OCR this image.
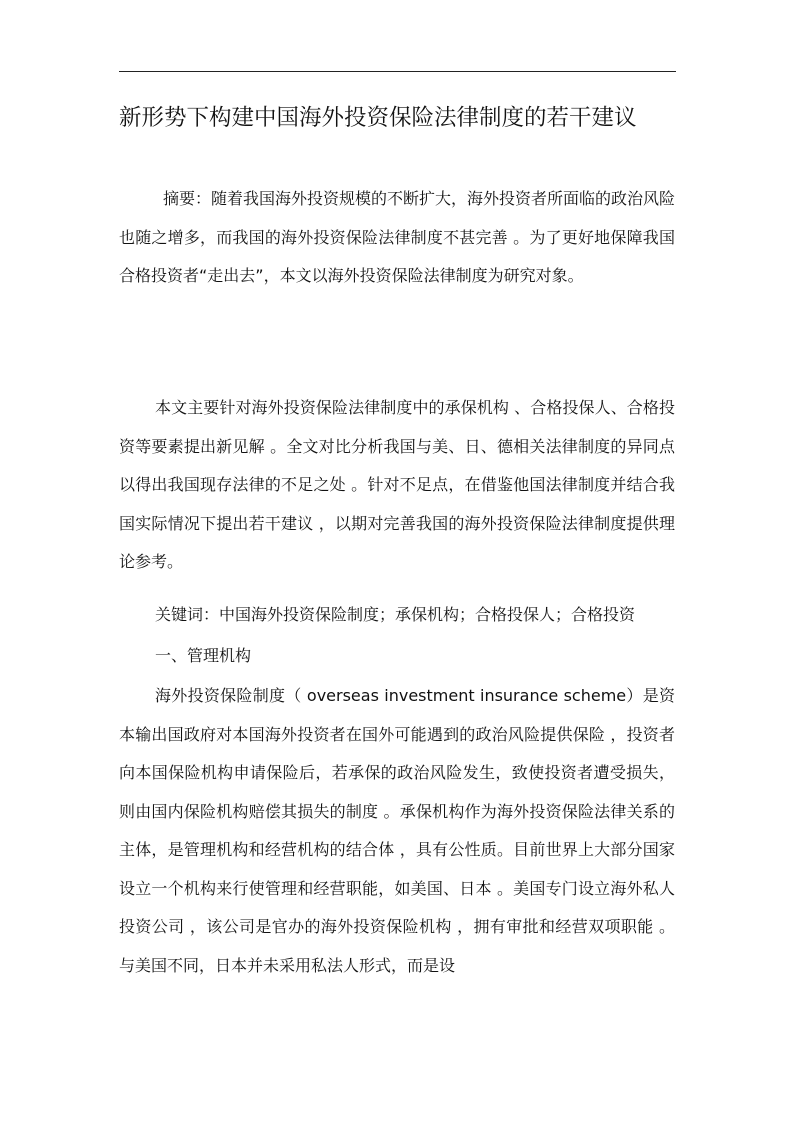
新形势下构建中国海外投资保险法律制度的若干建议
摘要：随着我国海外投资规模的不断扩大，海外投资者所面临的政治风险也随之增多，而我国的海外投资保险法律制度不甚完善 。为了更好地保障我国合格投资者“走出去”，本文以海外投资保险法律制度为研究对象。
本文主要针对海外投资保险法律制度中的承保机构 、合格投保人、合格投资等要素提出新见解 。全文对比分析我国与美、日、德相关法律制度的异同点以得出我国现存法律的不足之处 。针对不足点，在借鉴他国法律制度并结合我国实际情况下提出若干建议 ，以期对完善我国的海外投资保险法律制度提供理论参考。
关键词：中国海外投资保险制度；承保机构；合格投保人；合格投资
一、管理机构
海外投资保险制度（ overseas investment insurance scheme）是资本输出国政府对本国海外投资者在国外可能遇到的政治风险提供保险 ，投资者向本国保险机构申请保险后，若承保的政治风险发生，致使投资者遭受损失，则由国内保险机构赔偿其损失的制度 。承保机构作为海外投资保险法律关系的主体，是管理机构和经营机构的结合体 ，具有公性质。目前世界上大部分国家设立一个机构来行使管理和经营职能，如美国、日本 。美国专门设立海外私人投资公司 ，该公司是官办的海外投资保险机构 ，拥有审批和经营双项职能 。与美国不同，日本并未采用私法人形式，而是设
